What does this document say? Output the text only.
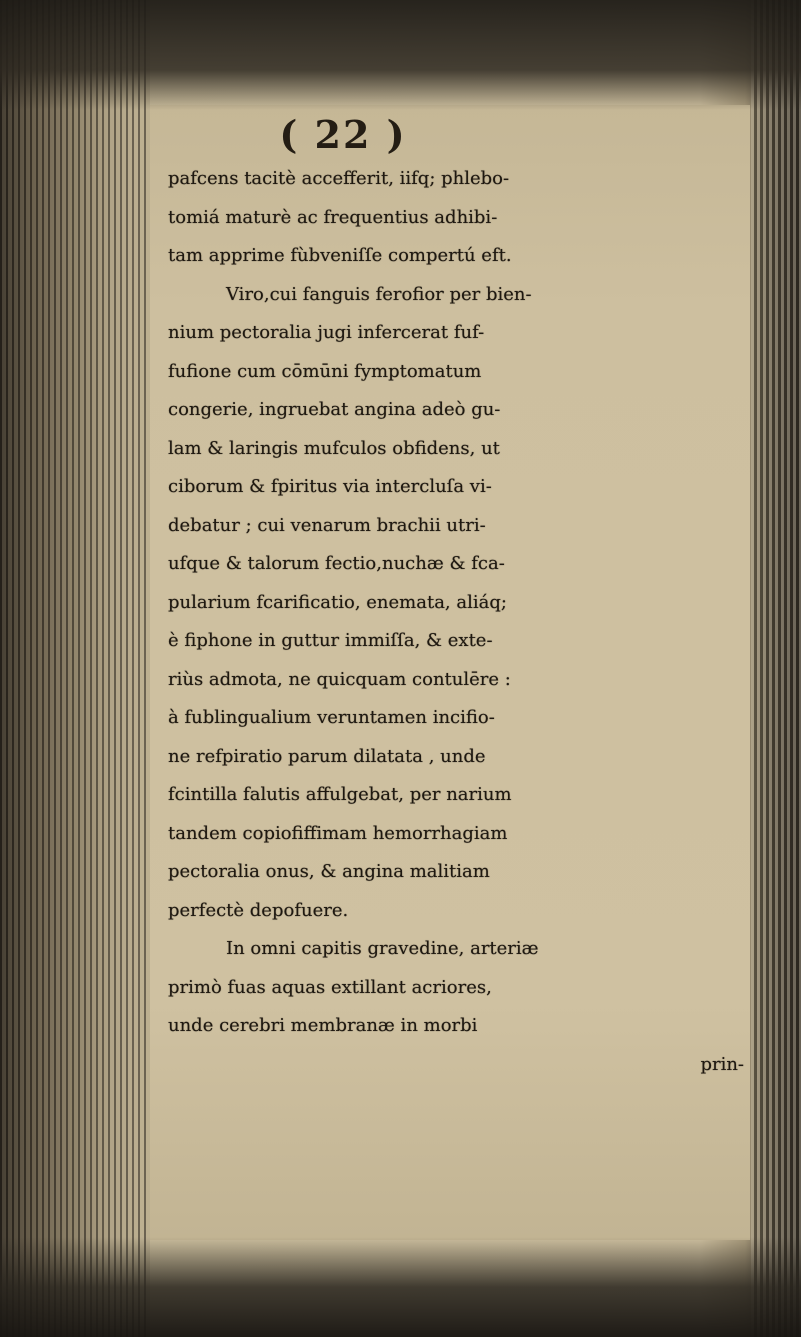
( 22 )
pafcens tacitè accefferit, iifq; phlebo-
tomiá maturè ac frequentius adhibi-
tam apprime fùbveniſſe compertú eft.
Viro,cui fanguis ferofior per bien-
nium pectoralia jugi infercerat fuf-
fufione cum cōmūni fymptomatum
congerie, ingruebat angina adeò gu-
lam & laringis mufculos obfidens, ut
ciborum & fpiritus via intercluſa vi-
debatur ; cui venarum brachii utri-
ufque & talorum fectio,nuchæ & fca-
pularium fcarificatio, enemata, aliáq;
è fiphone in guttur immiſſa, & exte-
riùs admota, ne quicquam contulēre :
à fublingualium veruntamen incifio-
ne refpiratio parum dilatata , unde
fcintilla falutis affulgebat, per narium
tandem copiofiffimam hemorrhagiam
pectoralia onus, & angina malitiam
perfectè depofuere.
In omni capitis gravedine, arteriæ
primò fuas aquas extillant acriores,
unde cerebri membranæ in morbi
prin-
